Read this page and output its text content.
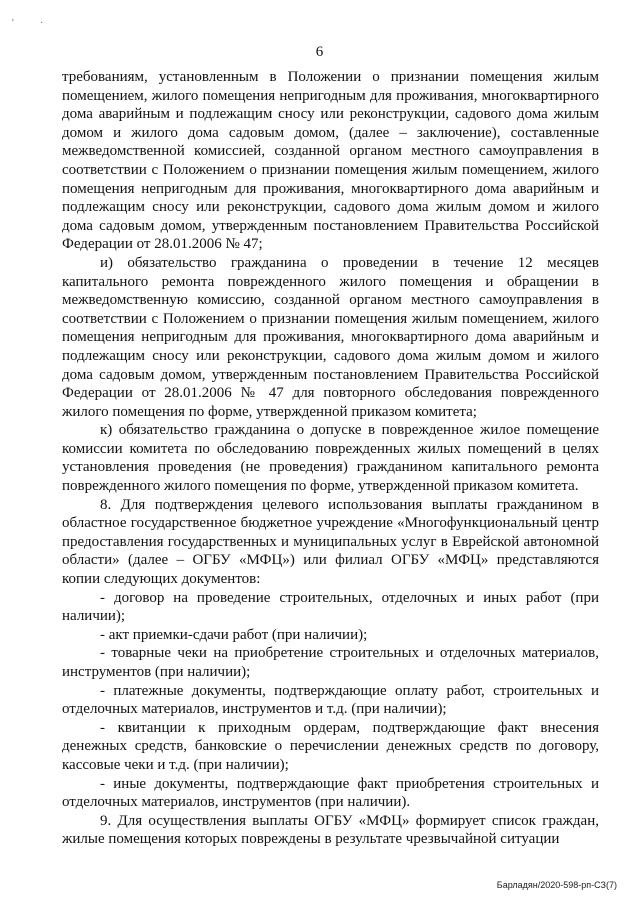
'	·
6

требованиям, установленным в Положении о признании помещения жилым помещением, жилого помещения непригодным для проживания, многоквартирного дома аварийным и подлежащим сносу или реконструкции, садового дома жилым домом и жилого дома садовым домом, (далее – заключение), составленные межведомственной комиссией, созданной органом местного самоуправления в соответствии с Положением о признании помещения жилым помещением, жилого помещения непригодным для проживания, многоквартирного дома аварийным и подлежащим сносу или реконструкции, садового дома жилым домом и жилого дома садовым домом, утвержденным постановлением Правительства Российской Федерации от 28.01.2006 № 47;

и) обязательство гражданина о проведении в течение 12 месяцев капитального ремонта поврежденного жилого помещения и обращении в межведомственную комиссию, созданной органом местного самоуправления в соответствии с Положением о признании помещения жилым помещением, жилого помещения непригодным для проживания, многоквартирного дома аварийным и подлежащим сносу или реконструкции, садового дома жилым домом и жилого дома садовым домом, утвержденным постановлением Правительства Российской Федерации от 28.01.2006 № 47 для повторного обследования поврежденного жилого помещения по форме, утвержденной приказом комитета;

к) обязательство гражданина о допуске в поврежденное жилое помещение комиссии комитета по обследованию поврежденных жилых помещений в целях установления проведения (не проведения) гражданином капитального ремонта поврежденного жилого помещения по форме, утвержденной приказом комитета.

8. Для подтверждения целевого использования выплаты гражданином в областное государственное бюджетное учреждение «Многофункциональный центр предоставления государственных и муниципальных услуг в Еврейской автономной области» (далее – ОГБУ «МФЦ») или филиал ОГБУ «МФЦ» представляются копии следующих документов:

- договор на проведение строительных, отделочных и иных работ (при наличии);

- акт приемки-сдачи работ (при наличии);

- товарные чеки на приобретение строительных и отделочных материалов, инструментов (при наличии);

- платежные документы, подтверждающие оплату работ, строительных и отделочных материалов, инструментов и т.д. (при наличии);

- квитанции к приходным ордерам, подтверждающие факт внесения денежных средств, банковские о перечислении денежных средств по договору, кассовые чеки и т.д. (при наличии);

- иные документы, подтверждающие факт приобретения строительных и отделочных материалов, инструментов (при наличии).

9. Для осуществления выплаты ОГБУ «МФЦ» формирует список граждан, жилые помещения которых повреждены в результате чрезвычайной ситуации

Барладян/2020-598-рп-СЗ(7)
